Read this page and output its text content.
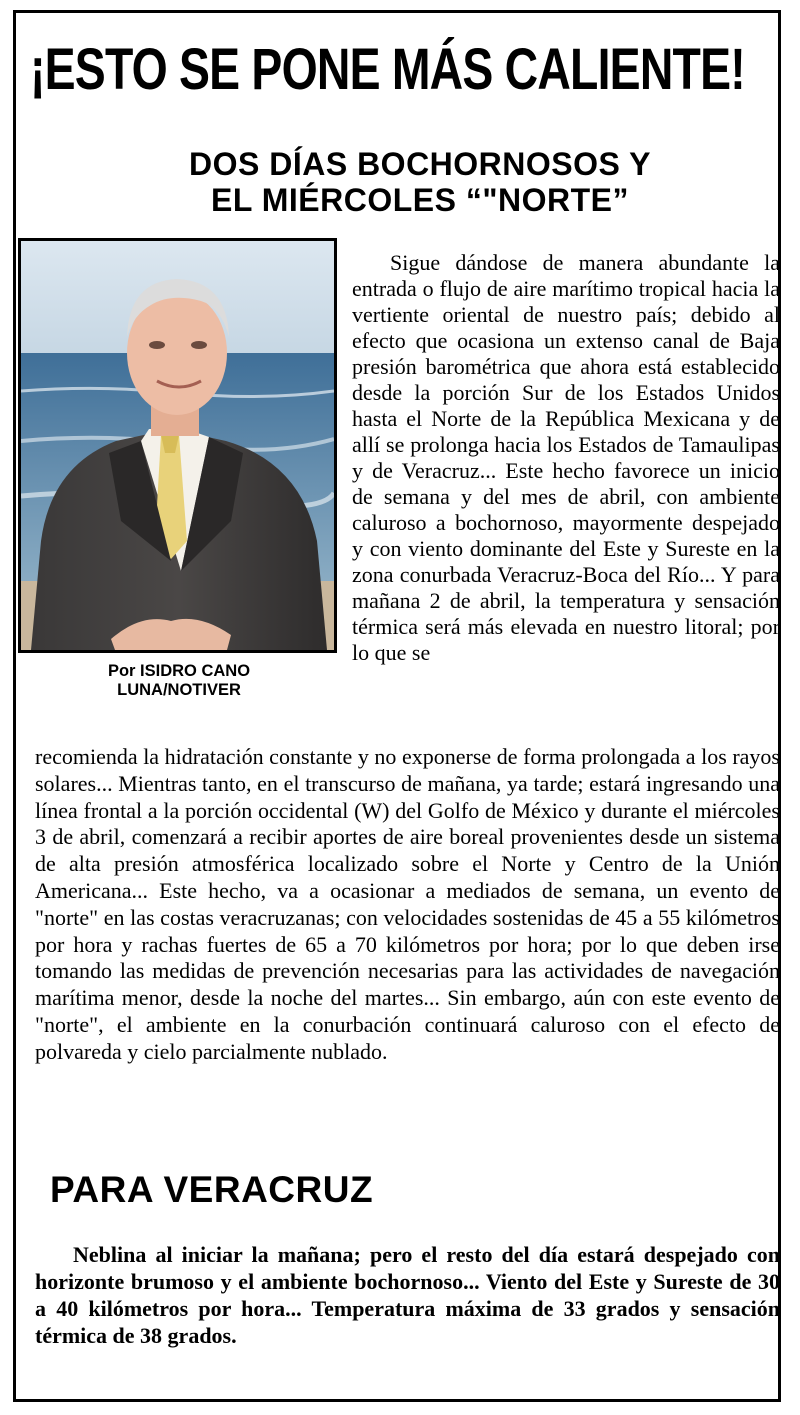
¡ESTO SE PONE MÁS CALIENTE!
DOS DÍAS BOCHORNOSOS Y
EL MIÉRCOLES “"NORTE”
Por ISIDRO CANO
LUNA/NOTIVER

Sigue dándose de manera abundante la entrada o flujo de aire marítimo tropical hacia la vertiente oriental de nuestro país; debido al efecto que ocasiona un extenso canal de Baja presión barométrica que ahora está establecido desde la porción Sur de los Estados Unidos hasta el Norte de la República Mexicana y de allí se prolonga hacia los Estados de Tamaulipas y de Veracruz... Este hecho favorece un inicio de semana y del mes de abril, con ambiente caluroso a bochornoso, mayormente despejado y con viento dominante del Este y Sureste en la zona conurbada Veracruz-Boca del Río... Y para mañana 2 de abril, la temperatura y sensación térmica será más elevada en nuestro litoral; por lo que se

recomienda la hidratación constante y no exponerse de forma prolongada a los rayos solares... Mientras tanto, en el transcurso de mañana, ya tarde; estará ingresando una línea frontal a la porción occidental (W) del Golfo de México y durante el miércoles 3 de abril, comenzará a recibir aportes de aire boreal provenientes desde un sistema de alta presión atmosférica localizado sobre el Norte y Centro de la Unión Americana... Este hecho, va a ocasionar a mediados de semana, un evento de "norte" en las costas veracruzanas; con velocidades sostenidas de 45 a 55 kilómetros por hora y rachas fuertes de 65 a 70 kilómetros por hora; por lo que deben irse tomando las medidas de prevención necesarias para las actividades de navegación marítima menor, desde la noche del martes... Sin embargo, aún con este evento de "norte", el ambiente en la conurbación continuará caluroso con el efecto de polvareda y cielo parcialmente nublado.

PARA VERACRUZ

Neblina al iniciar la mañana; pero el resto del día estará despejado con horizonte brumoso y el ambiente bochornoso... Viento del Este y Sureste de 30 a 40 kilómetros por hora... Temperatura máxima de 33 grados y sensación térmica de 38 grados.
